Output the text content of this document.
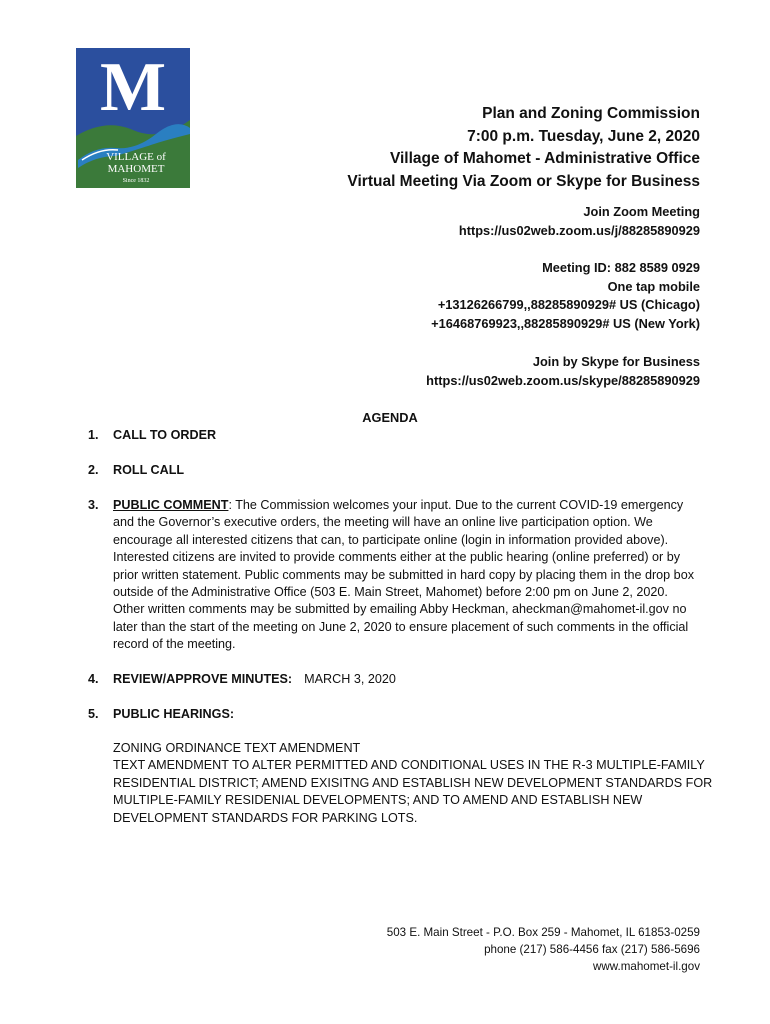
M
VILLAGE of
MAHOMET
Since 1832
Plan and Zoning Commission
7:00 p.m. Tuesday, June 2, 2020
Village of Mahomet - Administrative Office
Virtual Meeting Via Zoom or Skype for Business
Join Zoom Meeting
https://us02web.zoom.us/j/88285890929
Meeting ID: 882 8589 0929
One tap mobile
+13126266799,,88285890929# US (Chicago)
+16468769923,,88285890929# US (New York)
Join by Skype for Business
https://us02web.zoom.us/skype/88285890929
AGENDA
1. CALL TO ORDER
2. ROLL CALL
3. PUBLIC COMMENT: The Commission welcomes your input. Due to the current COVID-19 emergency and the Governor’s executive orders, the meeting will have an online live participation option. We encourage all interested citizens that can, to participate online (login in information provided above). Interested citizens are invited to provide comments either at the public hearing (online preferred) or by prior written statement. Public comments may be submitted in hard copy by placing them in the drop box outside of the Administrative Office (503 E. Main Street, Mahomet) before 2:00 pm on June 2, 2020. Other written comments may be submitted by emailing Abby Heckman, aheckman@mahomet-il.gov no later than the start of the meeting on June 2, 2020 to ensure placement of such comments in the official record of the meeting.
4. REVIEW/APPROVE MINUTES: MARCH 3, 2020
5. PUBLIC HEARINGS:
ZONING ORDINANCE TEXT AMENDMENT
TEXT AMENDMENT TO ALTER PERMITTED AND CONDITIONAL USES IN THE R-3 MULTIPLE-FAMILY RESIDENTIAL DISTRICT; AMEND EXISITNG AND ESTABLISH NEW DEVELOPMENT STANDARDS FOR MULTIPLE-FAMILY RESIDENIAL DEVELOPMENTS; AND TO AMEND AND ESTABLISH NEW DEVELOPMENT STANDARDS FOR PARKING LOTS.
503 E. Main Street - P.O. Box 259 - Mahomet, IL 61853-0259
phone (217) 586-4456 fax (217) 586-5696
www.mahomet-il.gov
